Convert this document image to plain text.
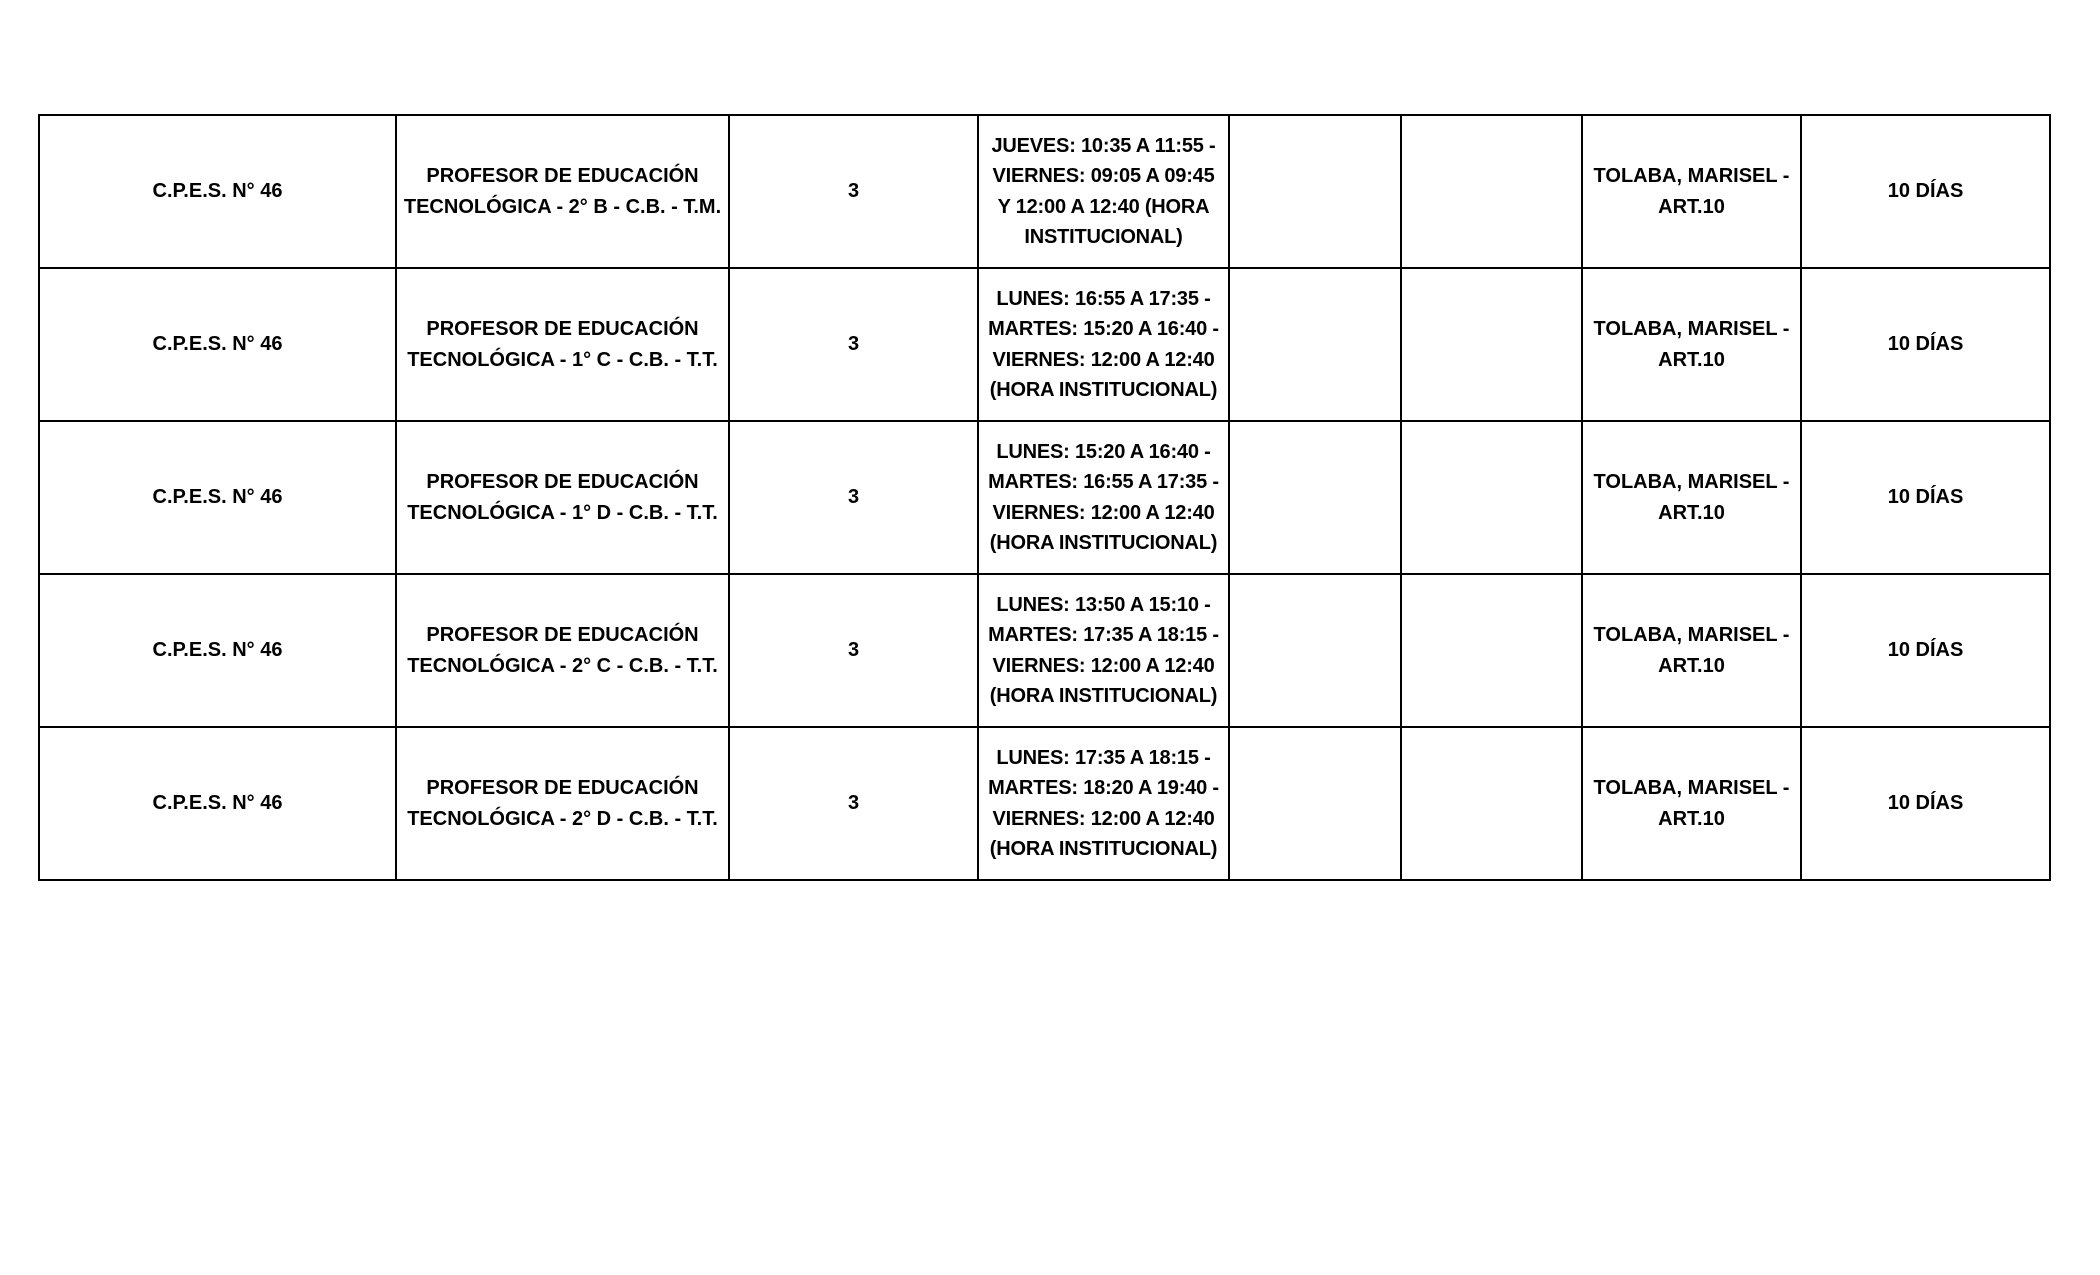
C.P.E.S. N° 46	PROFESOR DE EDUCACIÓN
TECNOLÓGICA - 2° B - C.B. - T.M.	3	JUEVES: 10:35 A 11:55 -
VIERNES: 09:05 A 09:45
Y 12:00 A 12:40 (HORA
INSTITUCIONAL)			TOLABA, MARISEL -
ART.10	10 DÍAS

C.P.E.S. N° 46	PROFESOR DE EDUCACIÓN
TECNOLÓGICA - 1° C - C.B. - T.T.	3	LUNES: 16:55 A 17:35 -
MARTES: 15:20 A 16:40 -
VIERNES: 12:00 A 12:40
(HORA INSTITUCIONAL)			TOLABA, MARISEL -
ART.10	10 DÍAS

C.P.E.S. N° 46	PROFESOR DE EDUCACIÓN
TECNOLÓGICA - 1° D - C.B. - T.T.	3	LUNES: 15:20 A 16:40 -
MARTES: 16:55 A 17:35 -
VIERNES: 12:00 A 12:40
(HORA INSTITUCIONAL)			TOLABA, MARISEL -
ART.10	10 DÍAS

C.P.E.S. N° 46	PROFESOR DE EDUCACIÓN
TECNOLÓGICA - 2° C - C.B. - T.T.	3	LUNES: 13:50 A 15:10 -
MARTES: 17:35 A 18:15 -
VIERNES: 12:00 A 12:40
(HORA INSTITUCIONAL)			TOLABA, MARISEL -
ART.10	10 DÍAS

C.P.E.S. N° 46	PROFESOR DE EDUCACIÓN
TECNOLÓGICA - 2° D - C.B. - T.T.	3	LUNES: 17:35 A 18:15 -
MARTES: 18:20 A 19:40 -
VIERNES: 12:00 A 12:40
(HORA INSTITUCIONAL)			TOLABA, MARISEL -
ART.10	10 DÍAS
